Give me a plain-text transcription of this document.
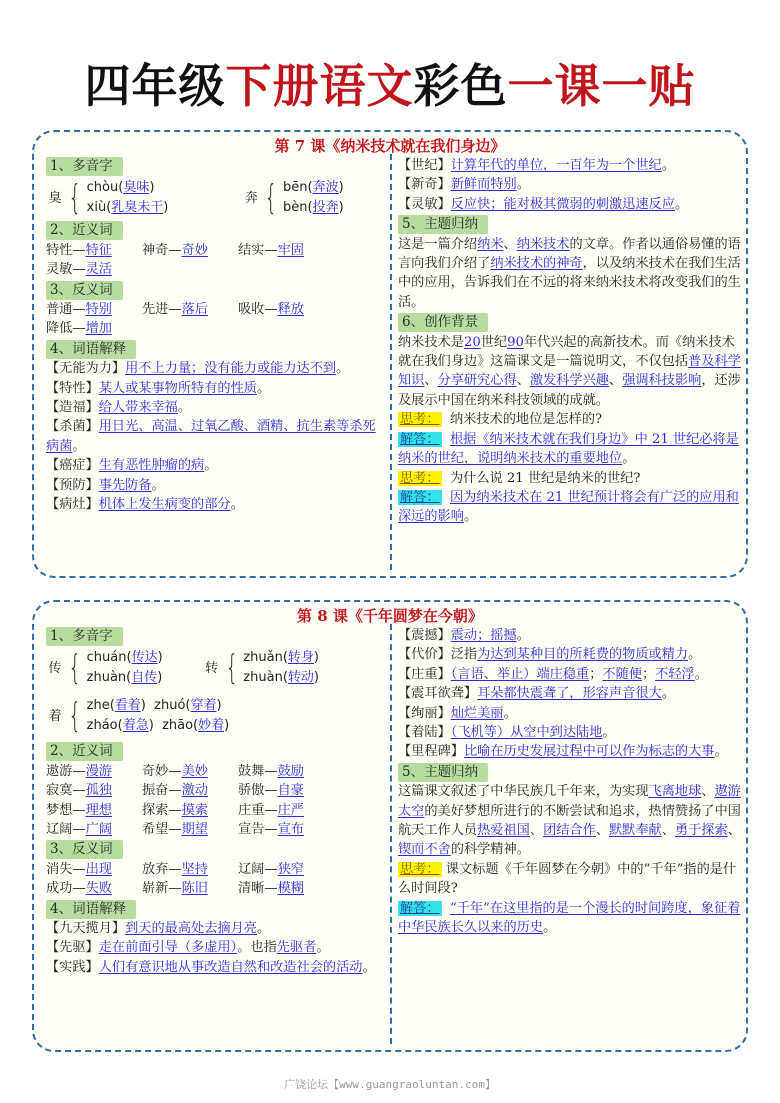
四年级下册语文彩色一课一贴
第 7 课《纳米技术就在我们身边》
1、多音字
臭 { chòu(臭味)
xiù(乳臭未干)
奔 { bēn(奔波)
bèn(投奔)
2、近义词
特性—特征	神奇—奇妙	结实—牢固
灵敏—灵活
3、反义词
普通—特别	先进—落后	吸收—释放
降低—增加
4、词语解释
【无能为力】用不上力量；没有能力或能力达不到。
【特性】某人或某事物所特有的性质。
【造福】给人带来幸福。
【杀菌】用日光、高温、过氧乙酸、酒精、抗生素等杀死病菌。
【癌症】生有恶性肿瘤的病。
【预防】事先防备。
【病灶】机体上发生病变的部分。
【世纪】计算年代的单位，一百年为一个世纪。
【新奇】新鲜而特别。
【灵敏】反应快；能对极其微弱的刺激迅速反应。
5、主题归纳
这是一篇介绍纳米、纳米技术的文章。作者以通俗易懂的语言向我们介绍了纳米技术的神奇，以及纳米技术在我们生活中的应用，告诉我们在不远的将来纳米技术将改变我们的生活。
6、创作背景
纳米技术是20世纪90年代兴起的高新技术。而《纳米技术就在我们身边》这篇课文是一篇说明文，不仅包括普及科学知识、分享研究心得、激发科学兴趣、强调科技影响，还涉及展示中国在纳米科技领域的成就。
思考： 纳米技术的地位是怎样的?
解答： 根据《纳米技术就在我们身边》中 21 世纪必将是纳米的世纪，说明纳米技术的重要地位。
思考： 为什么说 21 世纪是纳米的世纪?
解答： 因为纳米技术在 21 世纪预计将会有广泛的应用和深远的影响。
第 8 课《千年圆梦在今朝》
1、多音字
传 { chuán(传达)
zhuàn(自传)
转 { zhuǎn(转身)
zhuàn(转动)
着 { zhe(看着)  zhuó(穿着)
zháo(着急)  zhāo(妙着)
2、近义词
遨游—漫游	奇妙—美妙	鼓舞—鼓励
寂寞—孤独	振奋—激动	骄傲—自豪
梦想—理想	探索—摸索	庄重—庄严
辽阔—广阔	希望—期望	宣告—宣布
3、反义词
消失—出现	放弃—坚持	辽阔—狭窄
成功—失败	崭新—陈旧	清晰—模糊
4、词语解释
【九天揽月】到天的最高处去摘月亮。
【先驱】走在前面引导（多虚用）。也指先驱者。
【实践】人们有意识地从事改造自然和改造社会的活动。
【震撼】震动；摇撼。
【代价】泛指为达到某种目的所耗费的物质或精力。
【庄重】（言语、举止）端庄稳重；不随便；不轻浮。
【震耳欲聋】耳朵都快震聋了，形容声音很大。
【绚丽】灿烂美丽。
【着陆】（飞机等）从空中到达陆地。
【里程碑】比喻在历史发展过程中可以作为标志的大事。
5、主题归纳
这篇课文叙述了中华民族几千年来，为实现飞离地球、遨游太空的美好梦想所进行的不断尝试和追求，热情赞扬了中国航天工作人员热爱祖国、团结合作、默默奉献、勇于探索、锲而不舍的科学精神。
思考： 课文标题《千年圆梦在今朝》中的“千年”指的是什么时间段?
解答： “千年”在这里指的是一个漫长的时间跨度，象征着中华民族长久以来的历史。
广饶论坛【www.guangraoluntan.com】
